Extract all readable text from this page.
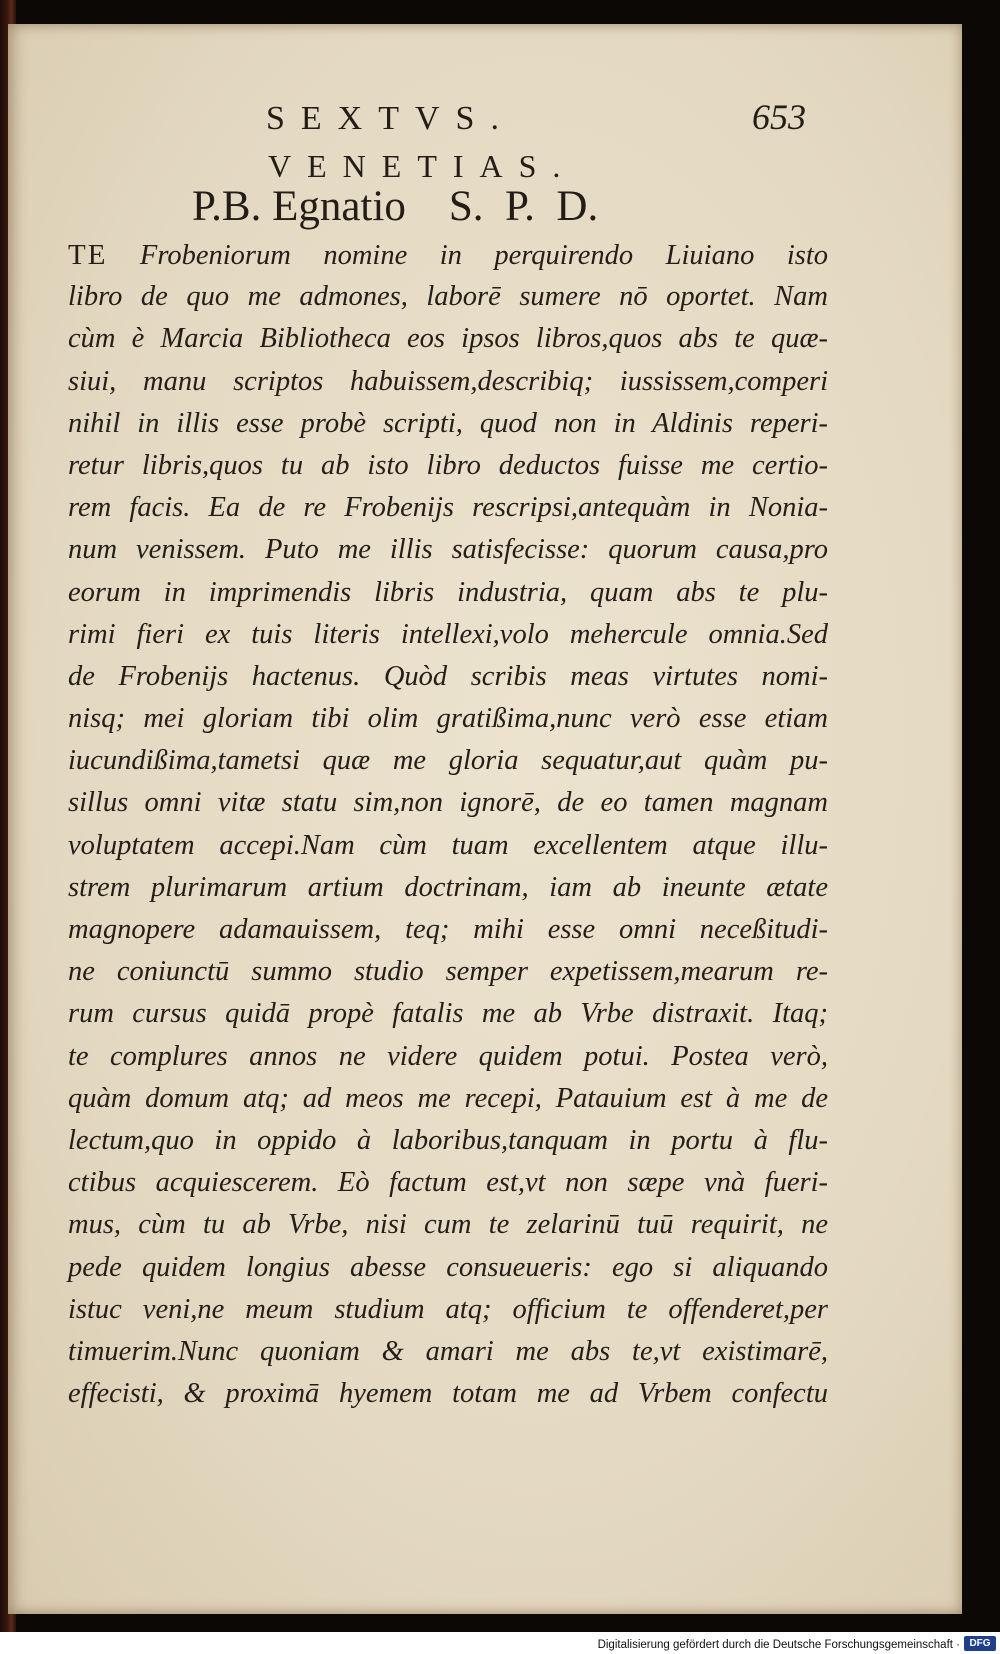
SEXTVS.	653
VENETIAS.
P.B. Egnatio    S.  P.  D.
TE Frobeniorum nomine in perquirendo Liuiano isto
libro de quo me admones, laborē sumere nō oportet. Nam
cùm è Marcia Bibliotheca eos ipsos libros,quos abs te quæ-
siui, manu scriptos habuissem,describiq; iussissem,comperi
nihil in illis esse probè scripti, quod non in Aldinis reperi-
retur libris,quos tu ab isto libro deductos fuisse me certio-
rem facis. Ea de re Frobenijs rescripsi,antequàm in Nonia-
num venissem. Puto me illis satisfecisse: quorum causa,pro
eorum in imprimendis libris industria, quam abs te plu-
rimi fieri ex tuis literis intellexi,volo mehercule omnia.Sed
de Frobenijs hactenus. Quòd scribis meas virtutes nomi-
nisq; mei gloriam tibi olim gratißima,nunc verò esse etiam
iucundißima,tametsi quæ me gloria sequatur,aut quàm pu-
sillus omni vitæ statu sim,non ignorē, de eo tamen magnam
voluptatem accepi.Nam cùm tuam excellentem atque illu-
strem plurimarum artium doctrinam, iam ab ineunte ætate
magnopere adamauissem, teq; mihi esse omni neceßitudi-
ne coniunctū summo studio semper expetissem,mearum re-
rum cursus quidā propè fatalis me ab Vrbe distraxit. Itaq;
te complures annos ne videre quidem potui. Postea verò,
quàm domum atq; ad meos me recepi, Patauium est à me de
lectum,quo in oppido à laboribus,tanquam in portu à flu-
ctibus acquiescerem. Eò factum est,vt non sæpe vnà fueri-
mus, cùm tu ab Vrbe, nisi cum te zelarinū tuū requirit, ne
pede quidem longius abesse consueueris: ego si aliquando
istuc veni,ne meum studium atq; officium te offenderet,per
timuerim.Nunc quoniam & amari me abs te,vt existimarē,
effecisti, & proximā hyemem totam me ad Vrbem confectu
Digitalisierung gefördert durch die Deutsche Forschungsgemeinschaft · DFG
